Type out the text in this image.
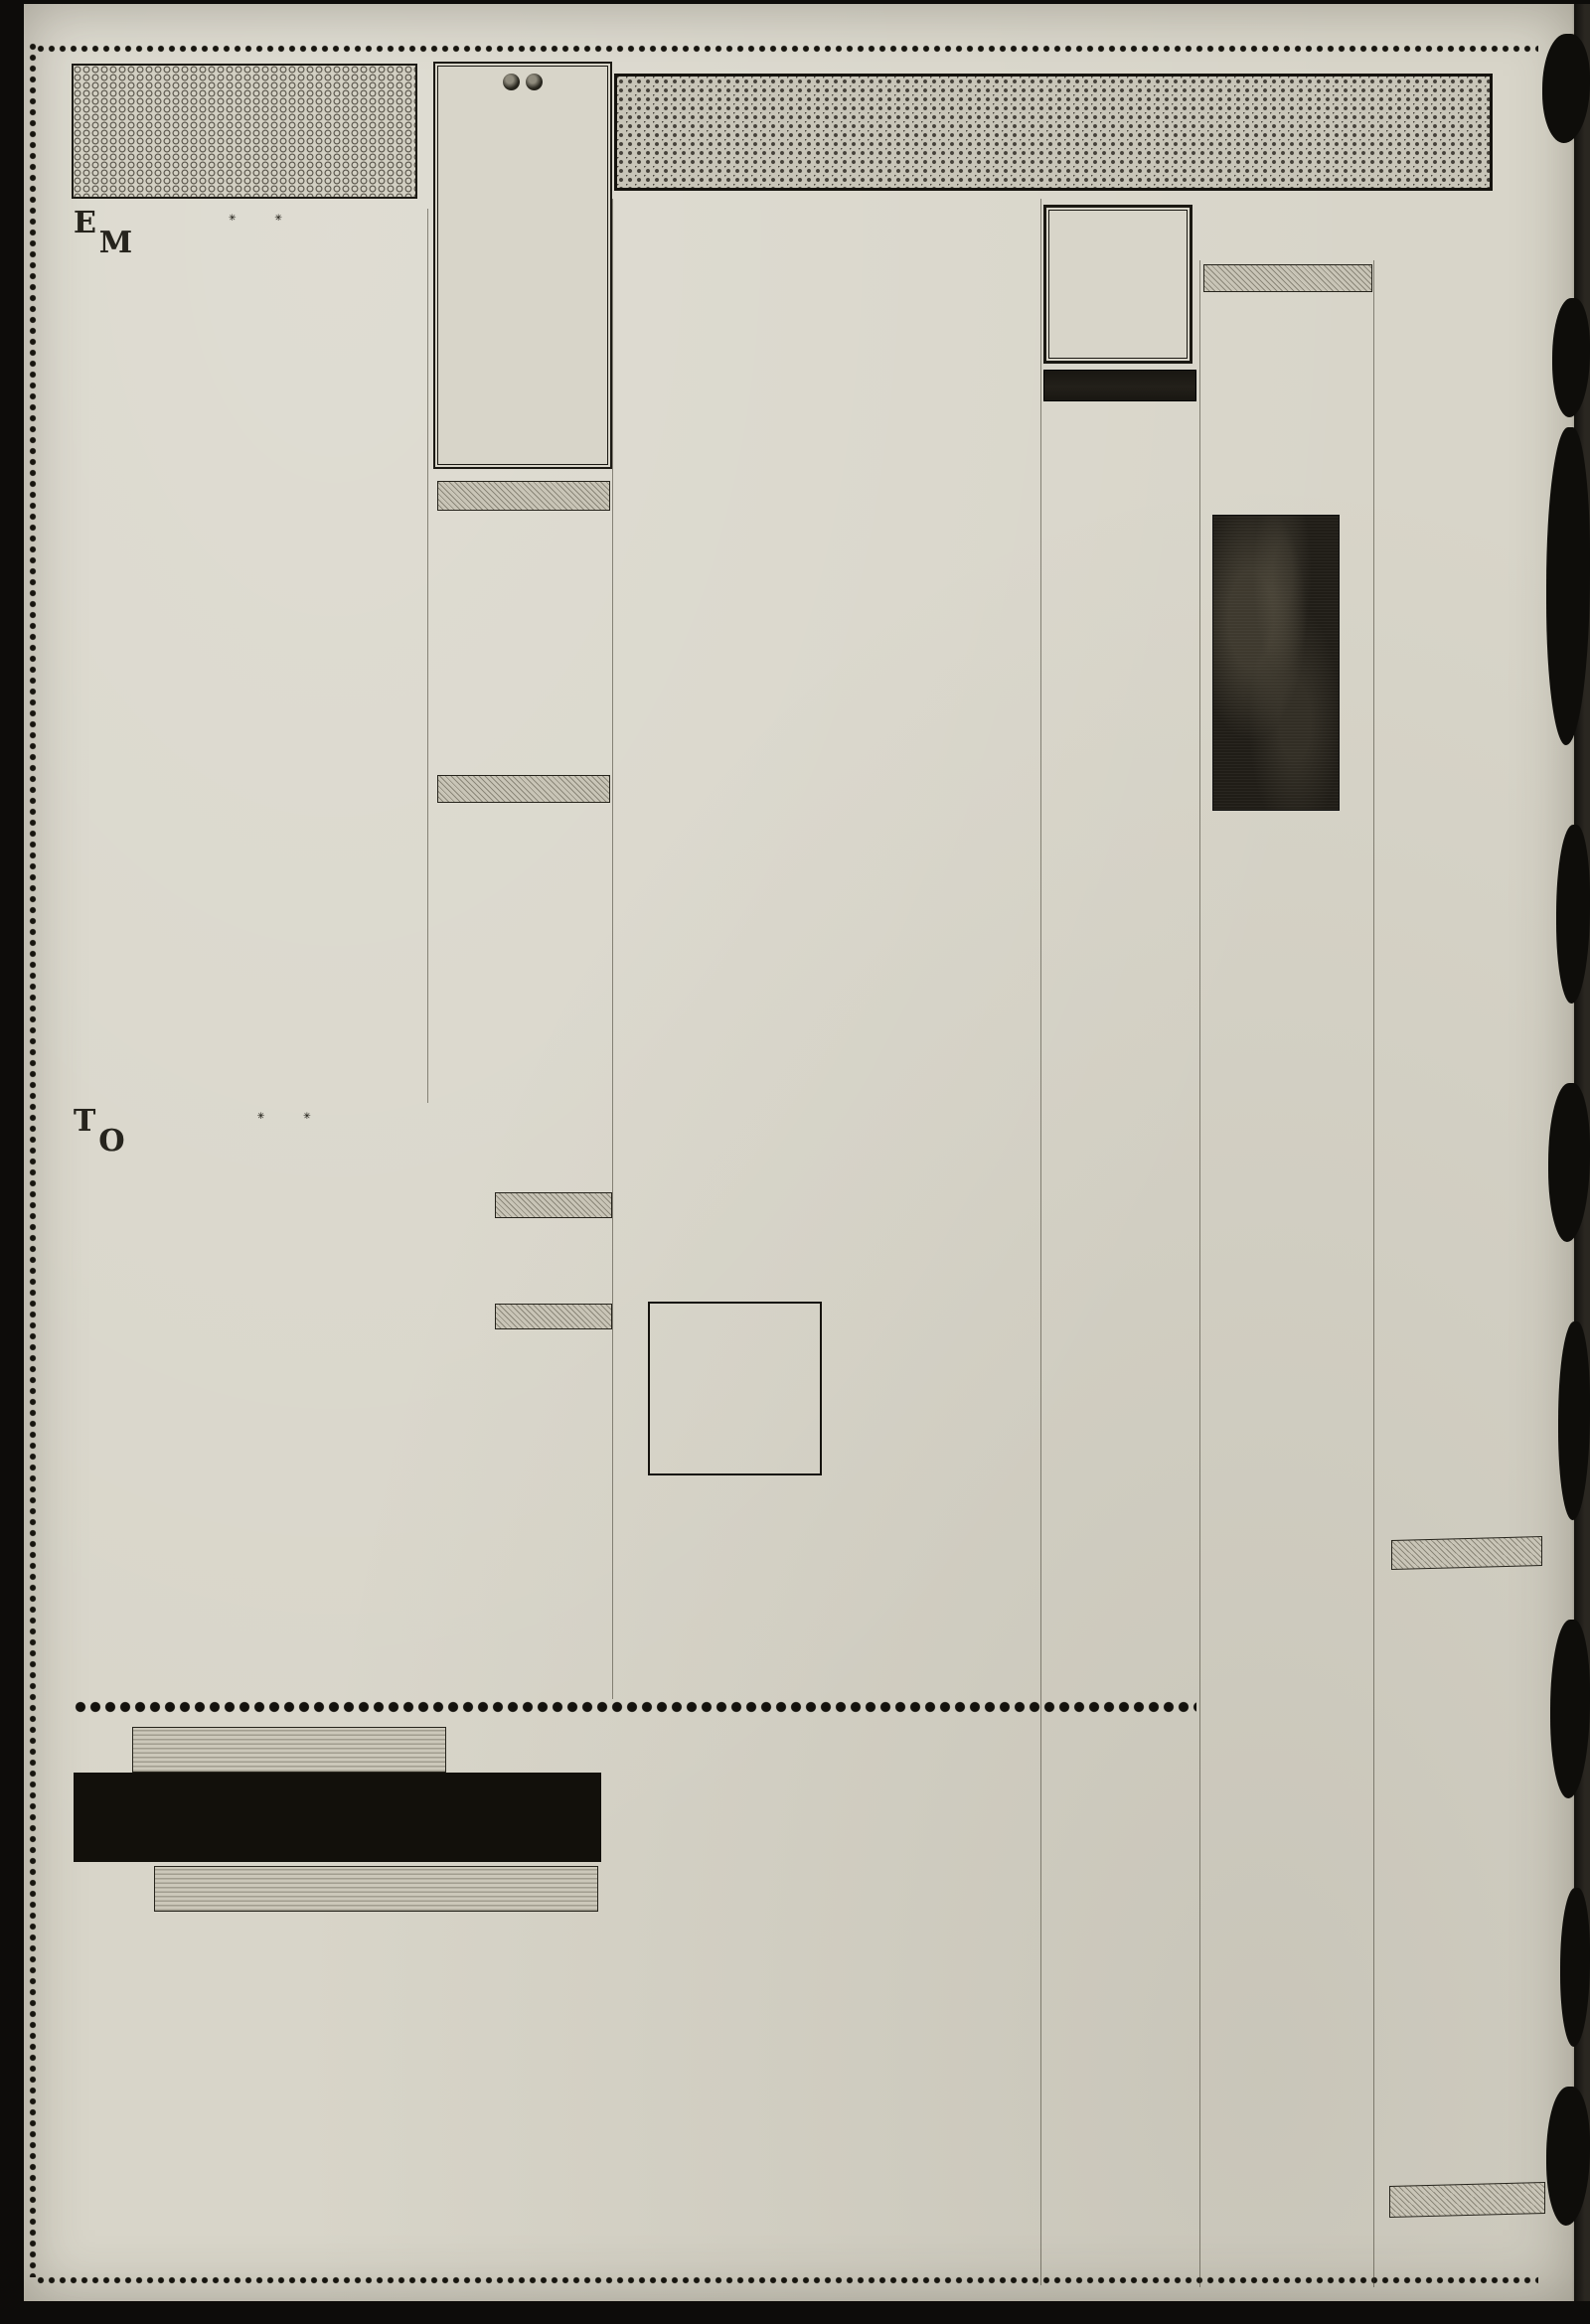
Ε	✳ ✳

Μ

Τ	✳ ✳

Ο
